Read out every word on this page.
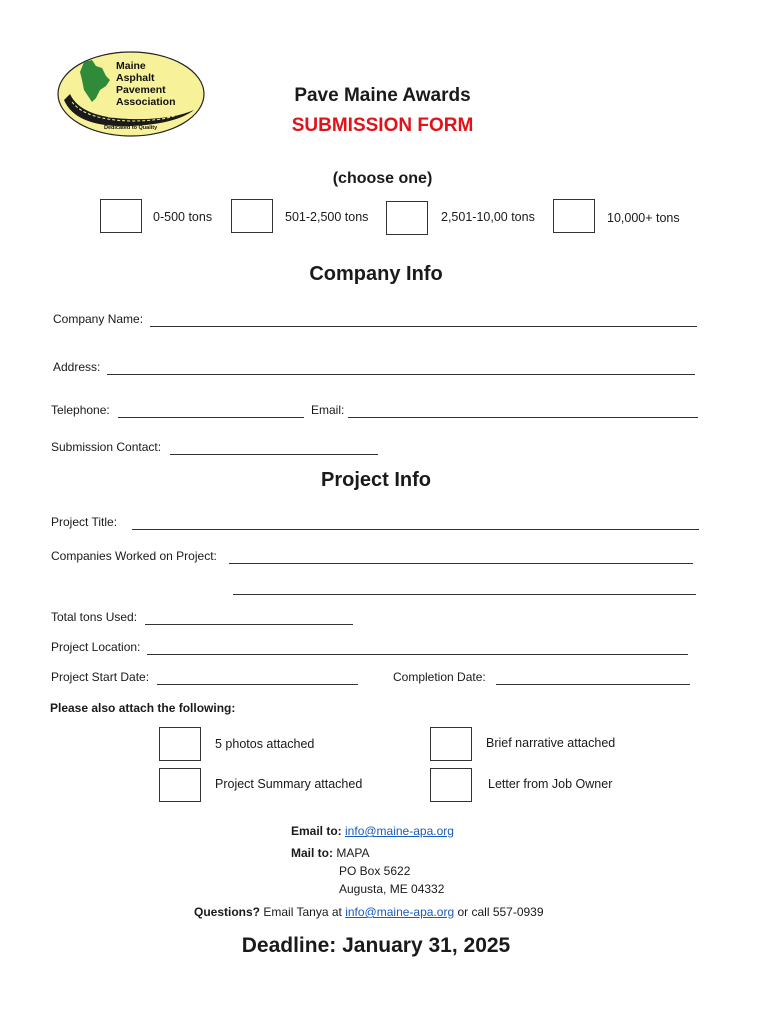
Maine
Asphalt
Pavement
Association
MAPA
Dedicated to Quality
Pave Maine Awards
SUBMISSION FORM
(choose one)
0-500 tons	501-2,500 tons	2,501-10,00 tons	10,000+ tons
Company Info
Company Name:
Address:
Telephone:	Email:
Submission Contact:
Project Info
Project Title:
Companies Worked on Project:
Total tons Used:
Project Location:
Project Start Date:	Completion Date:
Please also attach the following:
5 photos attached	Brief narrative attached
Project Summary attached	Letter from Job Owner
Email to: info@maine-apa.org
Mail to: MAPA
PO Box 5622
Augusta, ME 04332
Questions? Email Tanya at info@maine-apa.org or call 557-0939
Deadline: January 31, 2025
